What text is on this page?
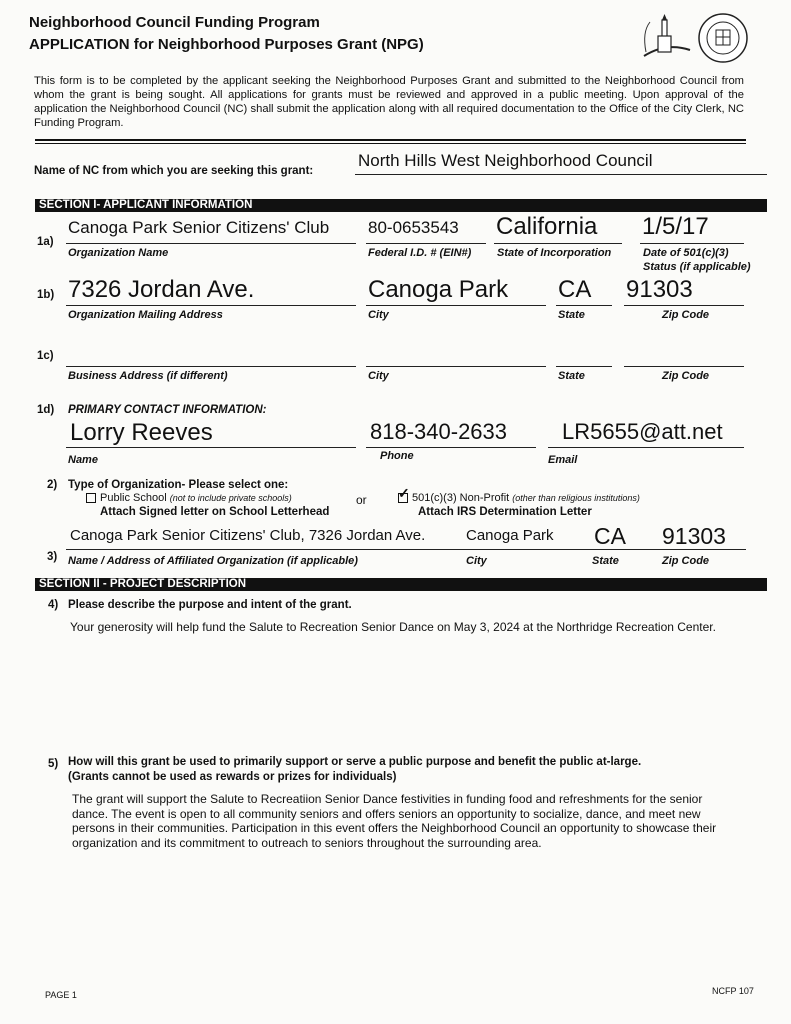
Neighborhood Council Funding Program
APPLICATION for Neighborhood Purposes Grant (NPG)
This form is to be completed by the applicant seeking the Neighborhood Purposes Grant and submitted to the Neighborhood Council from whom the grant is being sought. All applications for grants must be reviewed and approved in a public meeting. Upon approval of the application the Neighborhood Council (NC) shall submit the application along with all required documentation to the Office of the City Clerk, NC Funding Program.
Name of NC from which you are seeking this grant:
North Hills West Neighborhood Council
SECTION I- APPLICANT INFORMATION
1a)
Canoga Park Senior Citizens' Club 80-0653543 California 1/5/17
Organization Name	Federal I.D. # (EIN#) State of Incorporation	Date of 501(c)(3)
Status (if applicable)
1b) 7326 Jordan Ave.	Canoga Park CA 91303
Organization Mailing Address	City	State	Zip Code
1c)
Business Address (if different)	City	State	Zip Code
1d) PRIMARY CONTACT INFORMATION:
Lorry Reeves	818-340-2633 LR5655@att.net
Name	Phone	Email
2) Type of Organization- Please select one:
Public School (not to include private schools)
Attach Signed letter on School Letterhead
or ✓ 501(c)(3) Non-Profit (other than religious institutions)
Attach IRS Determination Letter
3)
Canoga Park Senior Citizens' Club, 7326 Jordan Ave.	Canoga Park CA 91303
Name / Address of Affiliated Organization (if applicable)	City	State	Zip Code
SECTION II - PROJECT DESCRIPTION
4) Please describe the purpose and intent of the grant.
Your generosity will help fund the Salute to Recreation Senior Dance on May 3, 2024 at the Northridge Recreation Center.
5) How will this grant be used to primarily support or serve a public purpose and benefit the public at-large.
(Grants cannot be used as rewards or prizes for individuals)
The grant will support the Salute to Recreatiion Senior Dance festivities in funding food and refreshments for the senior dance. The event is open to all community seniors and offers seniors an opportunity to socialize, dance, and meet new persons in their communities. Participation in this event offers the Neighborhood Council an opportunity to showcase their organization and its commitment to outreach to seniors throughout the surrounding area.
PAGE 1	NCFP 107
